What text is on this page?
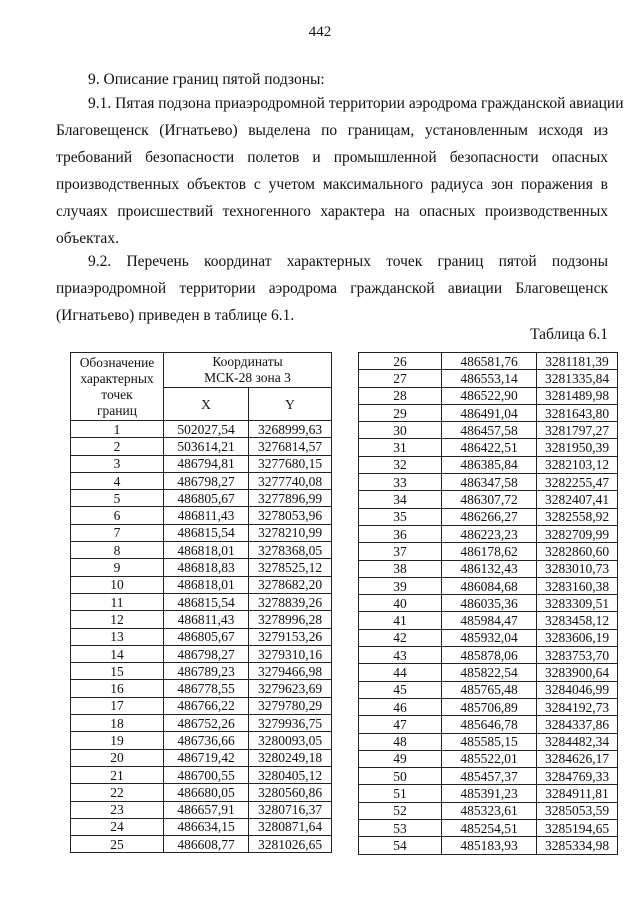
442
9. Описание границ пятой подзоны:
9.1. Пятая подзона приаэродромной территории аэродрома гражданской авиации
Благовещенск (Игнатьево) выделена по границам, установленным исходя из
требований безопасности полетов и промышленной безопасности опасных
производственных объектов с учетом максимального радиуса зон поражения в
случаях происшествий техногенного характера на опасных производственных
объектах.
9.2. Перечень координат характерных точек границ пятой подзоны
приаэродромной территории аэродрома гражданской авиации Благовещенск
(Игнатьево) приведен в таблице 6.1.
Таблица 6.1
Обозначение
характерных
точек
границ	Координаты
МСК-28 зона 3	
	X	Y
1	502027,54	3268999,63
2	503614,21	3276814,57
3	486794,81	3277680,15
4	486798,27	3277740,08
5	486805,67	3277896,99
6	486811,43	3278053,96
7	486815,54	3278210,99
8	486818,01	3278368,05
9	486818,83	3278525,12
10	486818,01	3278682,20
11	486815,54	3278839,26
12	486811,43	3278996,28
13	486805,67	3279153,26
14	486798,27	3279310,16
15	486789,23	3279466,98
16	486778,55	3279623,69
17	486766,22	3279780,29
18	486752,26	3279936,75
19	486736,66	3280093,05
20	486719,42	3280249,18
21	486700,55	3280405,12
22	486680,05	3280560,86
23	486657,91	3280716,37
24	486634,15	3280871,64
25	486608,77	3281026,65
26	486581,76	3281181,39
27	486553,14	3281335,84
28	486522,90	3281489,98
29	486491,04	3281643,80
30	486457,58	3281797,27
31	486422,51	3281950,39
32	486385,84	3282103,12
33	486347,58	3282255,47
34	486307,72	3282407,41
35	486266,27	3282558,92
36	486223,23	3282709,99
37	486178,62	3282860,60
38	486132,43	3283010,73
39	486084,68	3283160,38
40	486035,36	3283309,51
41	485984,47	3283458,12
42	485932,04	3283606,19
43	485878,06	3283753,70
44	485822,54	3283900,64
45	485765,48	3284046,99
46	485706,89	3284192,73
47	485646,78	3284337,86
48	485585,15	3284482,34
49	485522,01	3284626,17
50	485457,37	3284769,33
51	485391,23	3284911,81
52	485323,61	3285053,59
53	485254,51	3285194,65
54	485183,93	3285334,98
